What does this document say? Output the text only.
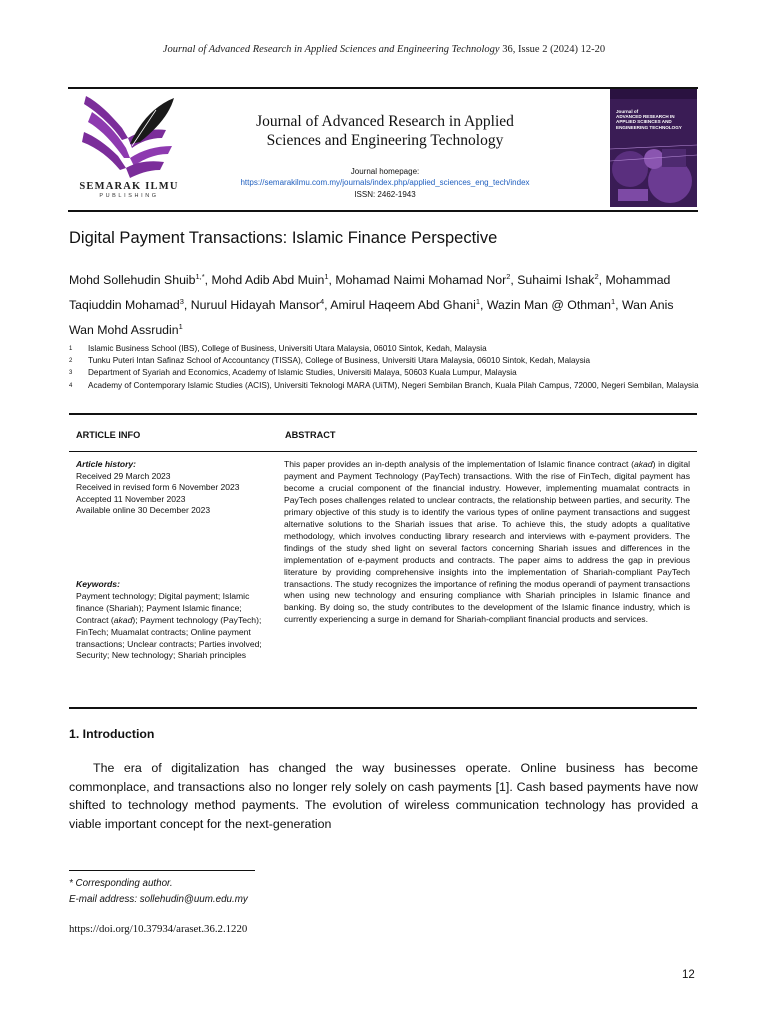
Journal of Advanced Research in Applied Sciences and Engineering Technology 36, Issue 2 (2024) 12-20
SEMARAK ILMU
PUBLISHING
Journal of Advanced Research in Applied
Sciences and Engineering Technology
Journal homepage:
https://semarakilmu.com.my/journals/index.php/applied_sciences_eng_tech/index
ISSN: 2462-1943
Journal of
ADVANCED RESEARCH IN
APPLIED SCIENCES AND
ENGINEERING TECHNOLOGY
Digital Payment Transactions: Islamic Finance Perspective
Mohd Sollehudin Shuib$^{1,*}$, Mohd Adib Abd Muin$^1$, Mohamad Naimi Mohamad Nor$^2$, Suhaimi Ishak$^2$, Mohammad Taqiuddin Mohamad$^3$, Nuruul Hidayah Mansor$^4$, Amirul Haqeem Abd Ghani$^1$, Wazin Man @ Othman$^1$, Wan Anis Wan Mohd Assrudin$^1$
1	Islamic Business School (IBS), College of Business, Universiti Utara Malaysia, 06010 Sintok, Kedah, Malaysia
2	Tunku Puteri Intan Safinaz School of Accountancy (TISSA), College of Business, Universiti Utara Malaysia, 06010 Sintok, Kedah, Malaysia
3	Department of Syariah and Economics, Academy of Islamic Studies, Universiti Malaya, 50603 Kuala Lumpur, Malaysia
4	Academy of Contemporary Islamic Studies (ACIS), Universiti Teknologi MARA (UiTM), Negeri Sembilan Branch, Kuala Pilah Campus, 72000, Negeri Sembilan, Malaysia
ARTICLE INFO	ABSTRACT
Article history:
Received 29 March 2023
Received in revised form 6 November 2023
Accepted 11 November 2023
Available online 30 December 2023
Keywords:
Payment technology; Digital payment; Islamic finance (Shariah); Payment Islamic finance; Contract (akad); Payment technology (PayTech); FinTech; Muamalat contracts; Online payment transactions; Unclear contracts; Parties involved; Security; New technology; Shariah principles
This paper provides an in-depth analysis of the implementation of Islamic finance contract (akad) in digital payment and Payment Technology (PayTech) transactions. With the rise of FinTech, digital payment has become a crucial component of the financial industry. However, implementing muamalat contracts in PayTech poses challenges related to unclear contracts, the relationship between parties, and security. The primary objective of this study is to identify the various types of online payment transactions and suggest alternative solutions to the Shariah issues that arise. To achieve this, the study adopts a qualitative methodology, which involves conducting library research and interviews with e-payment providers. The findings of the study shed light on several factors concerning Shariah issues and differences in the implementation of e-payment products and contracts. The paper aims to address the gap in previous literature by providing comprehensive insights into the implementation of Shariah-compliant PayTech transactions. The study recognizes the importance of refining the modus operandi of payment transactions when using new technology and ensuring compliance with Shariah principles in Islamic finance and banking. By doing so, the study contributes to the development of the Islamic finance industry, which is currently experiencing a surge in demand for Shariah-compliant financial products and services.
1. Introduction
The era of digitalization has changed the way businesses operate. Online business has become commonplace, and transactions also no longer rely solely on cash payments [1]. Cash based payments have now shifted to technology method payments. The evolution of wireless communication technology has provided a viable important concept for the next-generation
* Corresponding author.
E-mail address: sollehudin@uum.edu.my
https://doi.org/10.37934/araset.36.2.1220
12
